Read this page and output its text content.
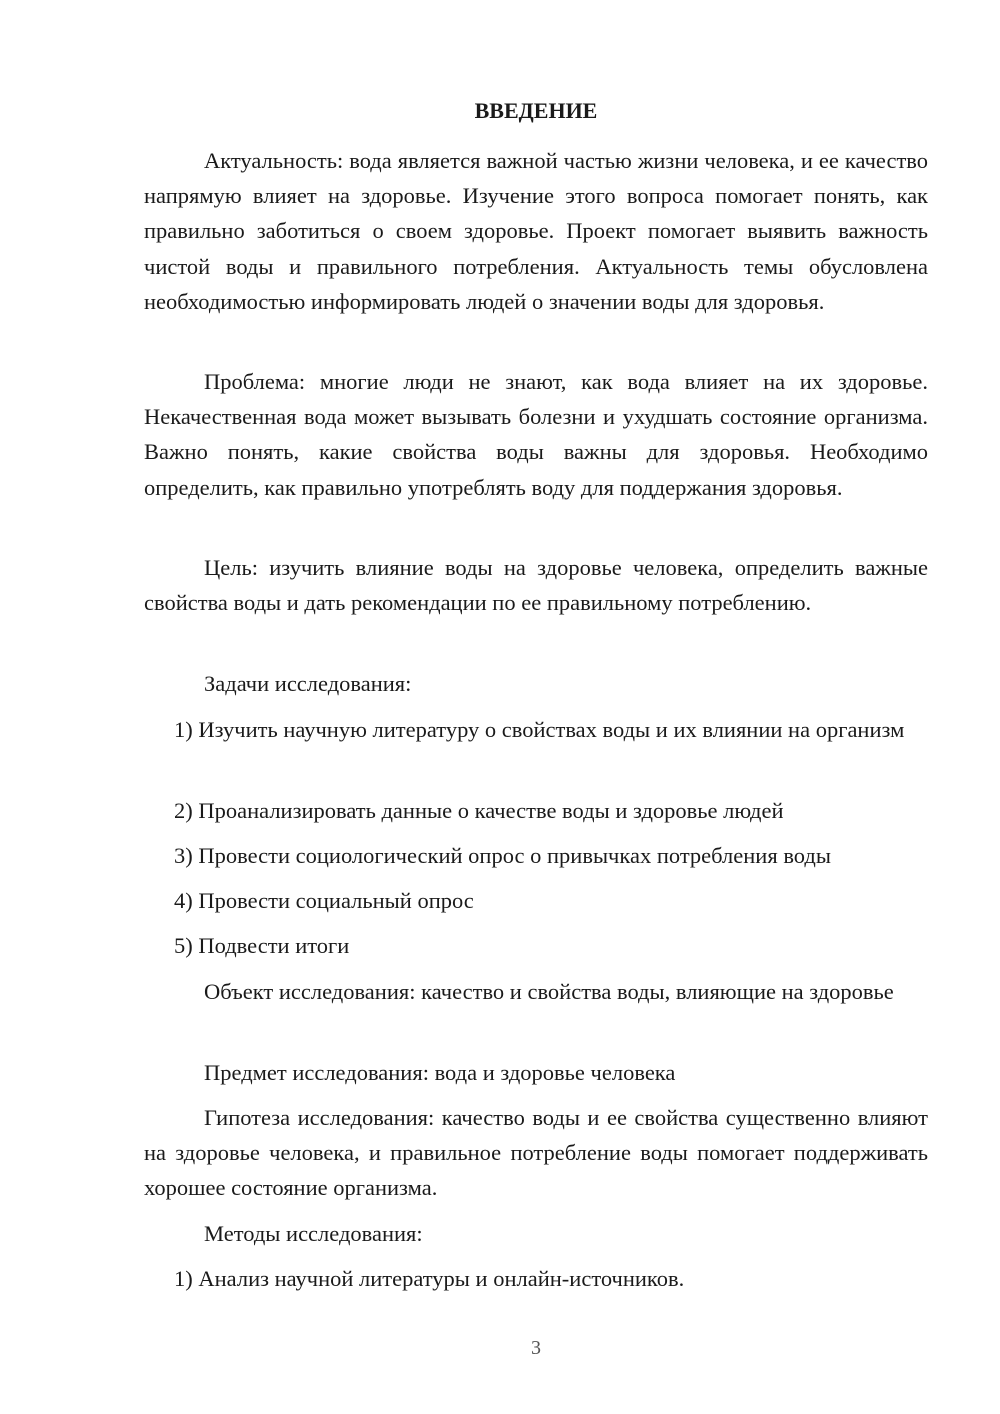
ВВЕДЕНИЕ

Актуальность: вода является важной частью жизни человека, и ее качество напрямую влияет на здоровье. Изучение этого вопроса помогает понять, как правильно заботиться о своем здоровье. Проект помогает выявить важность чистой воды и правильного потребления. Актуальность темы обусловлена необходимостью информировать людей о значении воды для здоровья.

Проблема: многие люди не знают, как вода влияет на их здоровье. Некачественная вода может вызывать болезни и ухудшать состояние организма. Важно понять, какие свойства воды важны для здоровья. Необходимо определить, как правильно употреблять воду для поддержания здоровья.

Цель: изучить влияние воды на здоровье человека, определить важные свойства воды и дать рекомендации по ее правильному потреблению.

Задачи исследования:

1) Изучить научную литературу о свойствах воды и их влиянии на организм

2) Проанализировать данные о качестве воды и здоровье людей

3) Провести социологический опрос о привычках потребления воды

4) Провести социальный опрос

5) Подвести итоги

Объект исследования: качество и свойства воды, влияющие на здоровье

Предмет исследования: вода и здоровье человека

Гипотеза исследования: качество воды и ее свойства существенно влияют на здоровье человека, и правильное потребление воды помогает поддерживать хорошее состояние организма.

Методы исследования:

1) Анализ научной литературы и онлайн-источников.

3
